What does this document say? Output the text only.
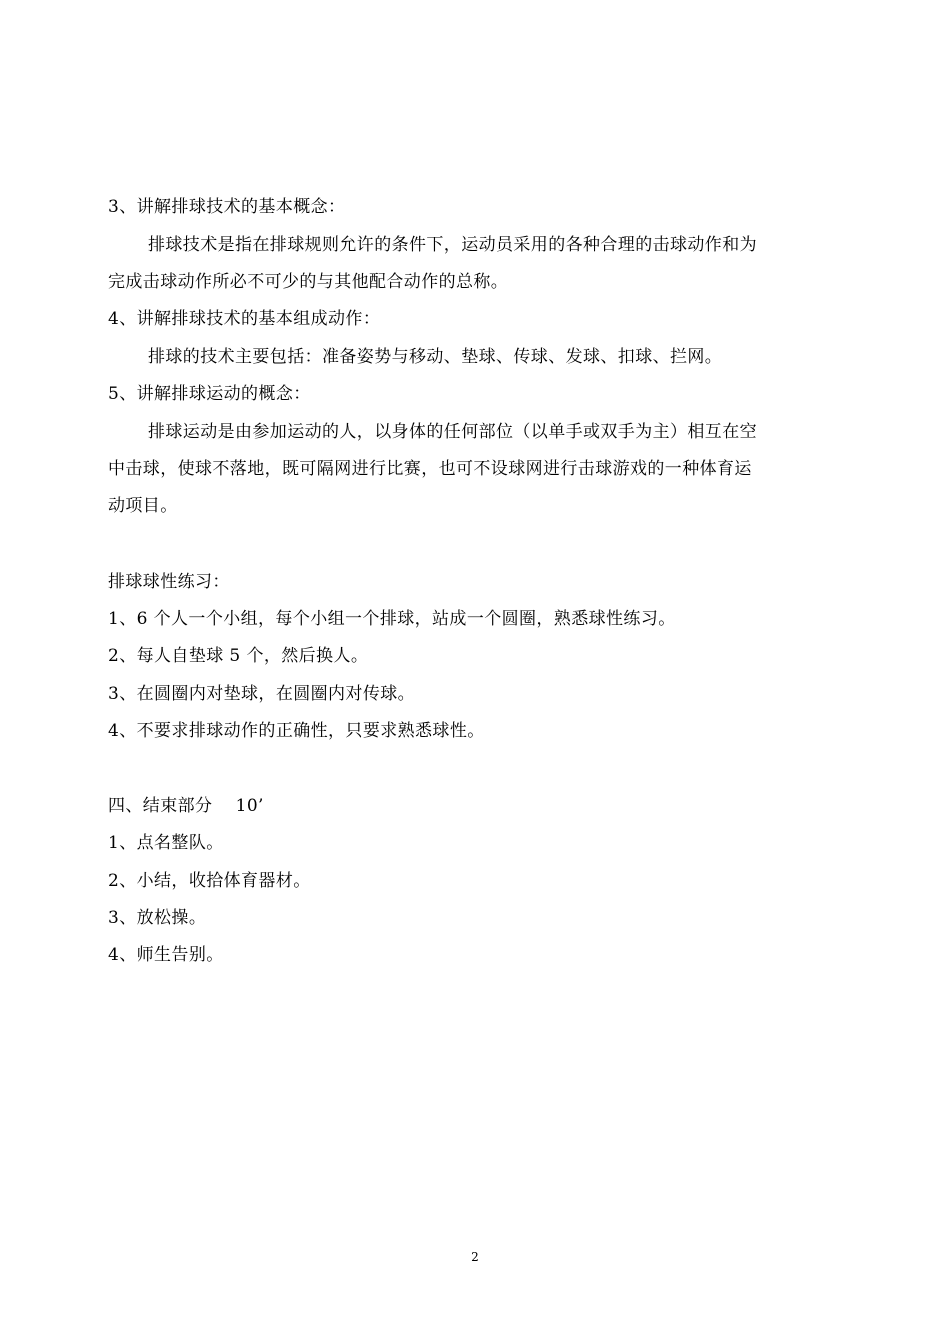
3、讲解排球技术的基本概念：
排球技术是指在排球规则允许的条件下，运动员采用的各种合理的击球动作和为
完成击球动作所必不可少的与其他配合动作的总称。
4、讲解排球技术的基本组成动作：
排球的技术主要包括：准备姿势与移动、垫球、传球、发球、扣球、拦网。
5、讲解排球运动的概念：
排球运动是由参加运动的人，以身体的任何部位（以单手或双手为主）相互在空
中击球，使球不落地，既可隔网进行比赛，也可不设球网进行击球游戏的一种体育运
动项目。
排球球性练习：
1、6 个人一个小组，每个小组一个排球，站成一个圆圈，熟悉球性练习。
2、每人自垫球 5 个，然后换人。
3、在圆圈内对垫球，在圆圈内对传球。
4、不要求排球动作的正确性，只要求熟悉球性。
四、结束部分　 10’
1、点名整队。
2、小结，收拾体育器材。
3、放松操。
4、师生告别。
2
